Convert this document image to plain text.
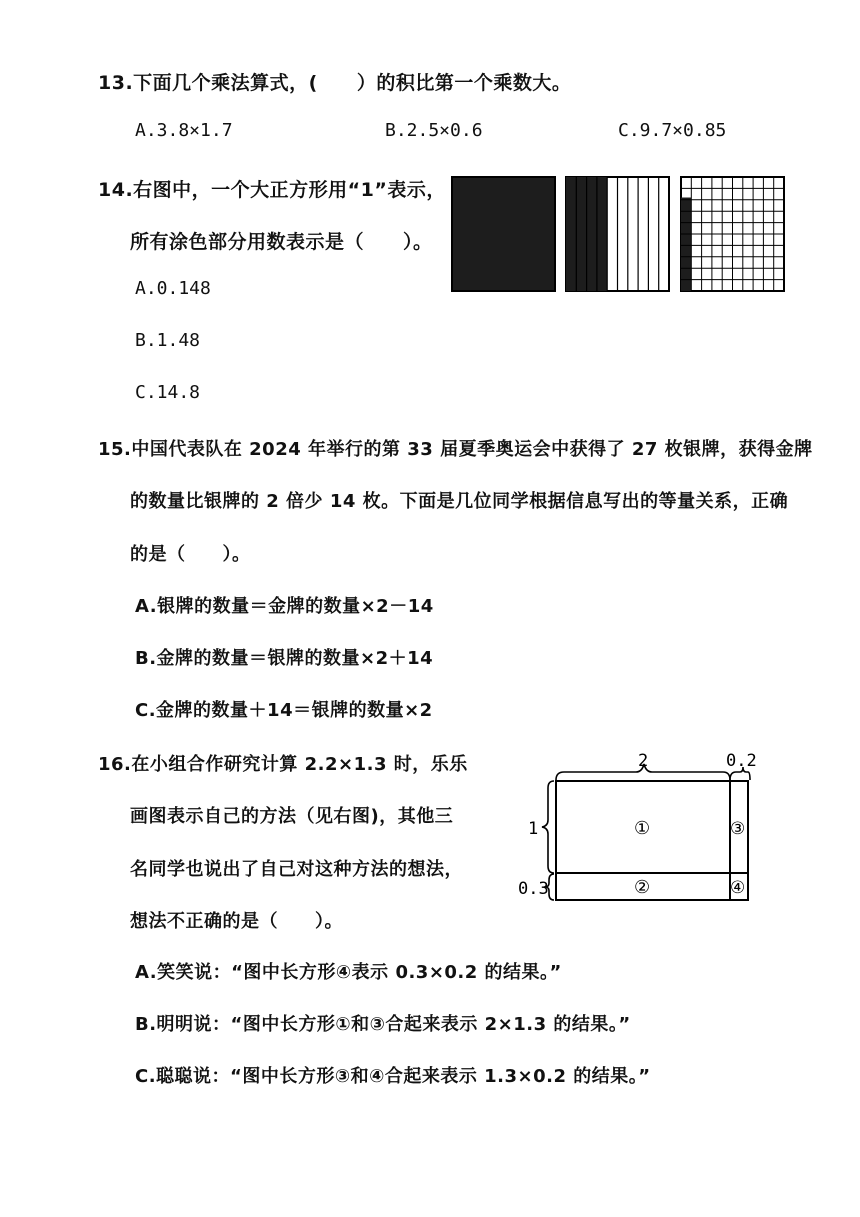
13.下面几个乘法算式，(　　）的积比第一个乘数大。
A.3.8×1.7	B.2.5×0.6	C.9.7×0.85
14.右图中，一个大正方形用“1”表示，
所有涂色部分用数表示是（　　）。
A.0.148
B.1.48
C.14.8
15.中国代表队在 2024 年举行的第 33 届夏季奥运会中获得了 27 枚银牌，获得金牌
的数量比银牌的 2 倍少 14 枚。下面是几位同学根据信息写出的等量关系，正确
的是（　　）。
A.银牌的数量＝金牌的数量×2－14
B.金牌的数量＝银牌的数量×2＋14
C.金牌的数量＋14＝银牌的数量×2
16.在小组合作研究计算 2.2×1.3 时，乐乐
画图表示自己的方法（见右图)，其他三
名同学也说出了自己对这种方法的想法，
想法不正确的是（　　）。
A.笑笑说：“图中长方形④表示 0.3×0.2 的结果。”
B.明明说：“图中长方形①和③合起来表示 2×1.3 的结果。”
C.聪聪说：“图中长方形③和④合起来表示 1.3×0.2 的结果。”
2	0.2
①
②
③
④
1
0.3
